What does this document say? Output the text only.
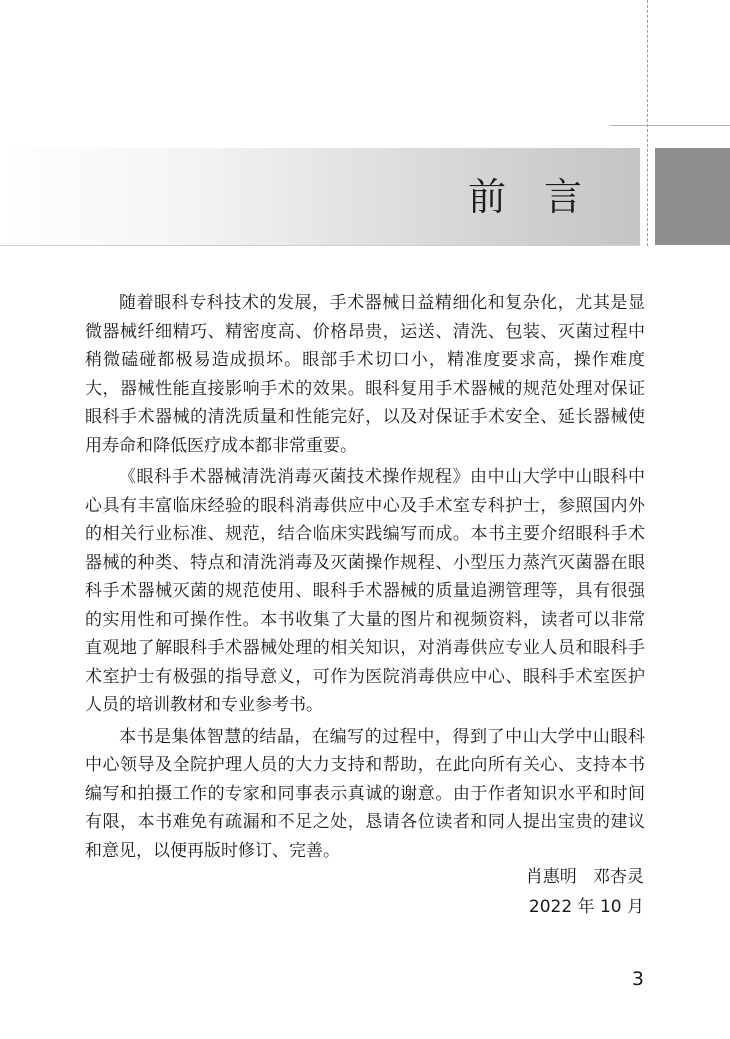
前言

随着眼科专科技术的发展，手术器械日益精细化和复杂化，尤其是显微器械纤细精巧、精密度高、价格昂贵，运送、清洗、包装、灭菌过程中稍微磕碰都极易造成损坏。眼部手术切口小，精准度要求高，操作难度大，器械性能直接影响手术的效果。眼科复用手术器械的规范处理对保证眼科手术器械的清洗质量和性能完好，以及对保证手术安全、延长器械使用寿命和降低医疗成本都非常重要。

《眼科手术器械清洗消毒灭菌技术操作规程》由中山大学中山眼科中心具有丰富临床经验的眼科消毒供应中心及手术室专科护士，参照国内外的相关行业标准、规范，结合临床实践编写而成。本书主要介绍眼科手术器械的种类、特点和清洗消毒及灭菌操作规程、小型压力蒸汽灭菌器在眼科手术器械灭菌的规范使用、眼科手术器械的质量追溯管理等，具有很强的实用性和可操作性。本书收集了大量的图片和视频资料，读者可以非常直观地了解眼科手术器械处理的相关知识，对消毒供应专业人员和眼科手术室护士有极强的指导意义，可作为医院消毒供应中心、眼科手术室医护人员的培训教材和专业参考书。

本书是集体智慧的结晶，在编写的过程中，得到了中山大学中山眼科中心领导及全院护理人员的大力支持和帮助，在此向所有关心、支持本书编写和拍摄工作的专家和同事表示真诚的谢意。由于作者知识水平和时间有限，本书难免有疏漏和不足之处，恳请各位读者和同人提出宝贵的建议和意见，以便再版时修订、完善。

肖惠明   邓杏灵
2022 年 10 月
3
